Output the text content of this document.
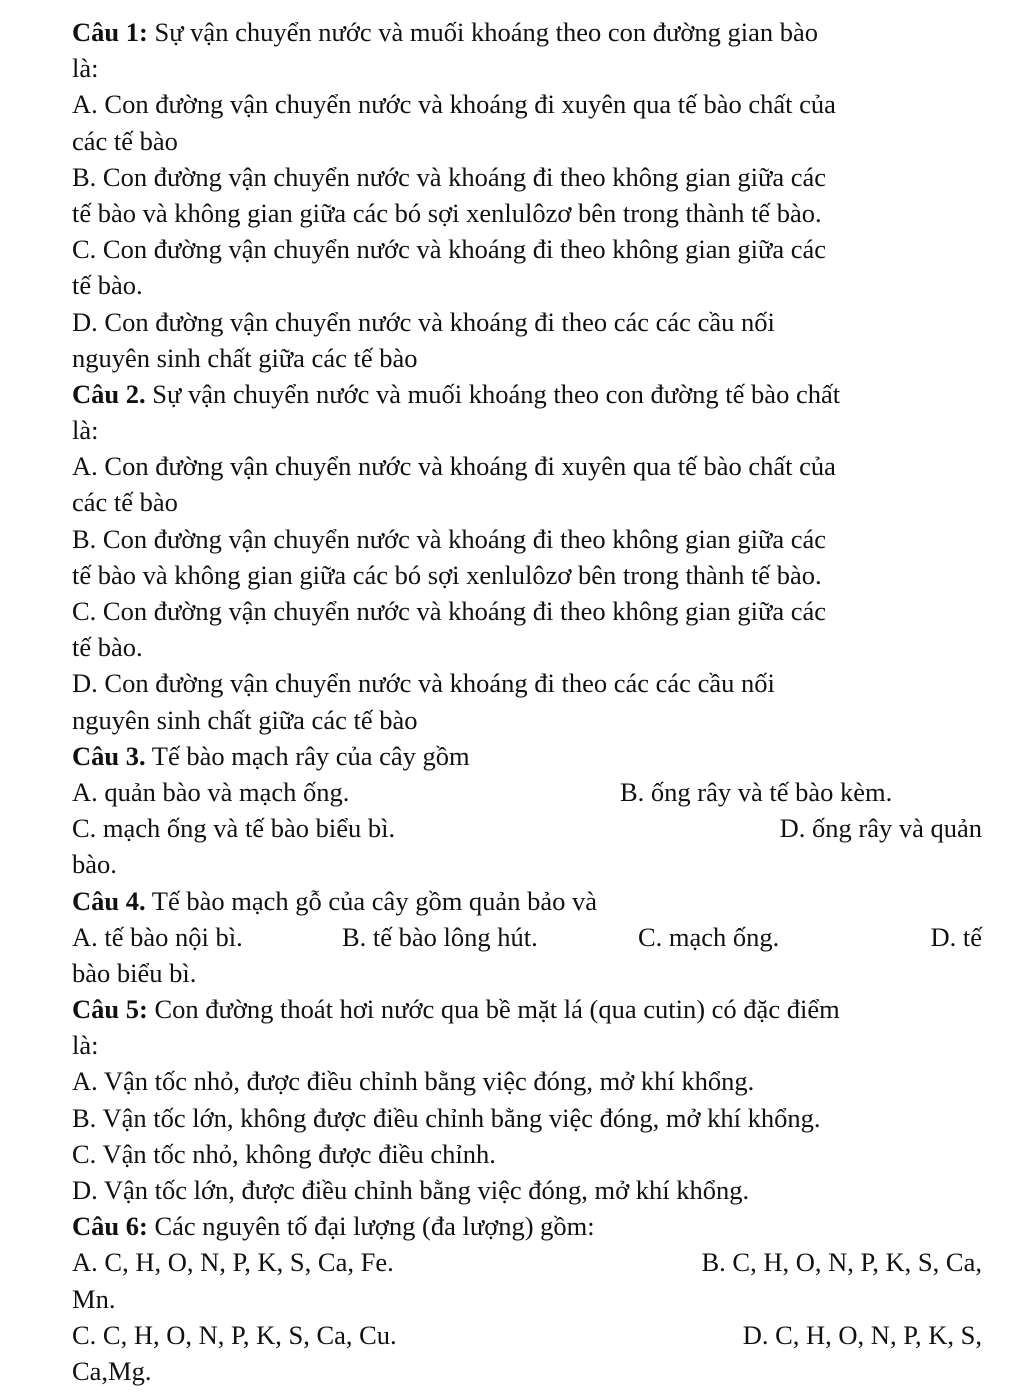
Câu 1: Sự vận chuyển nước và muối khoáng theo con đường gian bào
là:
A. Con đường vận chuyển nước và khoáng đi xuyên qua tế bào chất của
các tế bào
B. Con đường vận chuyển nước và khoáng đi theo không gian giữa các
tế bào và không gian giữa các bó sợi xenlulôzơ bên trong thành tế bào.
C. Con đường vận chuyển nước và khoáng đi theo không gian giữa các
tế bào.
D. Con đường vận chuyển nước và khoáng đi theo các các cầu nối
nguyên sinh chất giữa các tế bào
Câu 2. Sự vận chuyển nước và muối khoáng theo con đường tế bào chất
là:
A. Con đường vận chuyển nước và khoáng đi xuyên qua tế bào chất của
các tế bào
B. Con đường vận chuyển nước và khoáng đi theo không gian giữa các
tế bào và không gian giữa các bó sợi xenlulôzơ bên trong thành tế bào.
C. Con đường vận chuyển nước và khoáng đi theo không gian giữa các
tế bào.
D. Con đường vận chuyển nước và khoáng đi theo các các cầu nối
nguyên sinh chất giữa các tế bào
Câu 3. Tế bào mạch rây của cây gồm
A. quản bào và mạch ống.	B. ống rây và tế bào kèm.
C. mạch ống và tế bào biểu bì.	D. ống rây và quản
bào.
Câu 4. Tế bào mạch gỗ của cây gồm quản bảo và
A. tế bào nội bì.	B. tế bào lông hút.	C. mạch ống.	D. tế
bào biểu bì.
Câu 5: Con đường thoát hơi nước qua bề mặt lá (qua cutin) có đặc điểm
là:
A. Vận tốc nhỏ, được điều chỉnh bằng việc đóng, mở khí khổng.
B. Vận tốc lớn, không được điều chỉnh bằng việc đóng, mở khí khổng.
C. Vận tốc nhỏ, không được điều chỉnh.
D. Vận tốc lớn, được điều chỉnh bằng việc đóng, mở khí khổng.
Câu 6: Các nguyên tố đại lượng (đa lượng) gồm:
A. C, H, O, N, P, K, S, Ca, Fe.	B. C, H, O, N, P, K, S, Ca,
Mn.
C. C, H, O, N, P, K, S, Ca, Cu.	D. C, H, O, N, P, K, S,
Ca,Mg.
